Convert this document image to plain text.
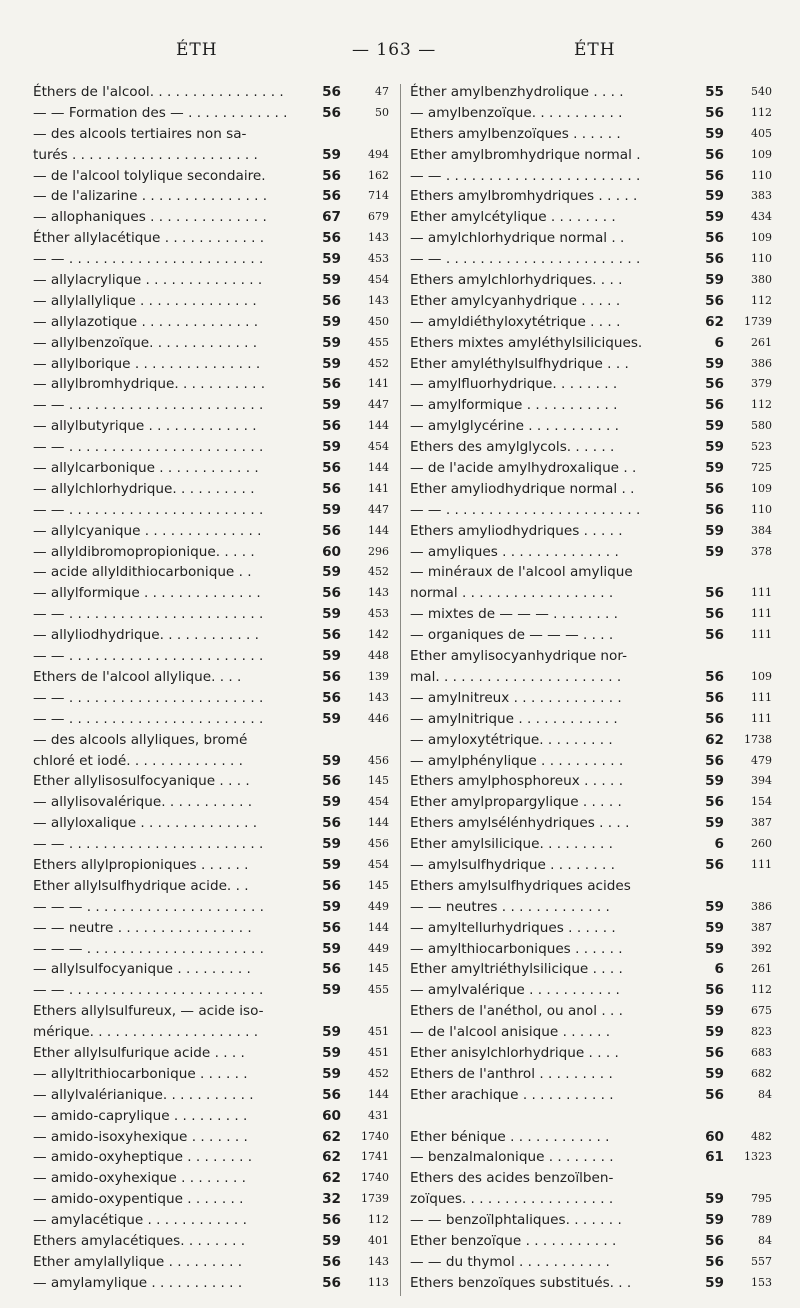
ÉTH	— 163 —	ÉTH
Éthers de l'alcool. . . . . . . . . . . . . . . .	56	47
— — Formation des — . . . . . . . . . . . .	56	50
— des alcools tertiaires non sa-
turés . . . . . . . . . . . . . . . . . . . . . .	59	494
— de l'alcool tolylique secondaire.	56	162
— de l'alizarine . . . . . . . . . . . . . . .	56	714
— allophaniques . . . . . . . . . . . . . .	67	679
Éther allylacétique . . . . . . . . . . . .	56	143
— — . . . . . . . . . . . . . . . . . . . . . . .	59	453
— allylacrylique . . . . . . . . . . . . . .	59	454
— allylallylique . . . . . . . . . . . . . .	56	143
— allylazotique . . . . . . . . . . . . . .	59	450
— allylbenzoïque. . . . . . . . . . . . .	59	455
— allylborique . . . . . . . . . . . . . . .	59	452
— allylbromhydrique. . . . . . . . . . .	56	141
— — . . . . . . . . . . . . . . . . . . . . . . .	59	447
— allylbutyrique . . . . . . . . . . . . .	56	144
— — . . . . . . . . . . . . . . . . . . . . . . .	59	454
— allylcarbonique . . . . . . . . . . . .	56	144
— allylchlorhydrique. . . . . . . . . .	56	141
— — . . . . . . . . . . . . . . . . . . . . . . .	59	447
— allylcyanique . . . . . . . . . . . . . .	56	144
— allyldibromopropionique. . . . .	60	296
— acide allyldithiocarbonique . .	59	452
— allylformique . . . . . . . . . . . . . .	56	143
— — . . . . . . . . . . . . . . . . . . . . . . .	59	453
— allyliodhydrique. . . . . . . . . . . .	56	142
— — . . . . . . . . . . . . . . . . . . . . . . .	59	448
Ethers de l'alcool allylique. . . .	56	139
— — . . . . . . . . . . . . . . . . . . . . . . .	56	143
— — . . . . . . . . . . . . . . . . . . . . . . .	59	446
— des alcools allyliques, bromé
chloré et iodé. . . . . . . . . . . . . .	59	456
Ether allylisosulfocyanique . . . .	56	145
— allylisovalérique. . . . . . . . . . .	59	454
— allyloxalique . . . . . . . . . . . . . .	56	144
— — . . . . . . . . . . . . . . . . . . . . . . .	59	456
Ethers allylpropioniques . . . . . .	59	454
Ether allylsulfhydrique acide. . .	56	145
— — — . . . . . . . . . . . . . . . . . . . . .	59	449
— — neutre . . . . . . . . . . . . . . . .	56	144
— — — . . . . . . . . . . . . . . . . . . . . .	59	449
— allylsulfocyanique . . . . . . . . .	56	145
— — . . . . . . . . . . . . . . . . . . . . . . .	59	455
Ethers allylsulfureux, — acide iso-
mérique. . . . . . . . . . . . . . . . . . . .	59	451
Ether allylsulfurique acide . . . .	59	451
— allyltrithiocarbonique . . . . . .	59	452
— allylvalérianique. . . . . . . . . . .	56	144
— amido-caprylique . . . . . . . . .	60	431
— amido-isoxyhexique . . . . . . .	62	1740
— amido-oxyheptique . . . . . . . .	62	1741
— amido-oxyhexique . . . . . . . .	62	1740
— amido-oxypentique . . . . . . .	32	1739
— amylacétique . . . . . . . . . . . .	56	112
Ethers amylacétiques. . . . . . . .	59	401
Ether amylallylique . . . . . . . . .	56	143
— amylamylique . . . . . . . . . . .	56	113
Éther amylbenzhydrolique . . . .	55	540
— amylbenzoïque. . . . . . . . . . .	56	112
Ethers amylbenzoïques . . . . . .	59	405
Ether amylbromhydrique normal .	56	109
— — . . . . . . . . . . . . . . . . . . . . . . .	56	110
Ethers amylbromhydriques . . . . .	59	383
Ether amylcétylique . . . . . . . .	59	434
— amylchlorhydrique normal . .	56	109
— — . . . . . . . . . . . . . . . . . . . . . . .	56	110
Ethers amylchlorhydriques. . . .	59	380
Ether amylcyanhydrique . . . . .	56	112
— amyldiéthyloxytétrique . . . .	62	1739
Ethers mixtes amyléthylsiliciques.	6	261
Ether amyléthylsulfhydrique . . .	59	386
— amylfluorhydrique. . . . . . . .	56	379
— amylformique . . . . . . . . . . .	56	112
— amylglycérine . . . . . . . . . . .	59	580
Ethers des amylglycols. . . . . .	59	523
— de l'acide amylhydroxalique . .	59	725
Ether amyliodhydrique normal . .	56	109
— — . . . . . . . . . . . . . . . . . . . . . . .	56	110
Ethers amyliodhydriques . . . . .	59	384
— amyliques . . . . . . . . . . . . . .	59	378
— minéraux de l'alcool amylique
normal . . . . . . . . . . . . . . . . . .	56	111
— mixtes de — — — . . . . . . . .	56	111
— organiques de — — — . . . .	56	111
Ether amylisocyanhydrique nor-
mal. . . . . . . . . . . . . . . . . . . . . .	56	109
— amylnitreux . . . . . . . . . . . . .	56	111
— amylnitrique . . . . . . . . . . . .	56	111
— amyloxytétrique. . . . . . . . .	62	1738
— amylphénylique . . . . . . . . . .	56	479
Ethers amylphosphoreux . . . . .	59	394
Ether amylpropargylique . . . . .	56	154
Ethers amylsélénhydriques . . . .	59	387
Ether amylsilicique. . . . . . . . .	6	260
— amylsulfhydrique . . . . . . . .	56	111
Ethers amylsulfhydriques acides
— — neutres . . . . . . . . . . . . .	59	386
— amyltellurhydriques . . . . . .	59	387
— amylthiocarboniques . . . . . .	59	392
Ether amyltriéthylsilicique . . . .	6	261
— amylvalérique . . . . . . . . . . .	56	112
Ethers de l'anéthol, ou anol . . .	59	675
— de l'alcool anisique . . . . . .	59	823
Ether anisylchlorhydrique . . . .	56	683
Ethers de l'anthrol . . . . . . . . .	59	682
Ether arachique . . . . . . . . . . .	56	84
Ether bénique . . . . . . . . . . . .	60	482
— benzalmalonique . . . . . . . .	61	1323
Ethers des acides benzoïlben-
zoïques. . . . . . . . . . . . . . . . . .	59	795
— — benzoïlphtaliques. . . . . . .	59	789
Ether benzoïque . . . . . . . . . . .	56	84
— — du thymol . . . . . . . . . . .	56	557
Ethers benzoïques substitués. . .	59	153
